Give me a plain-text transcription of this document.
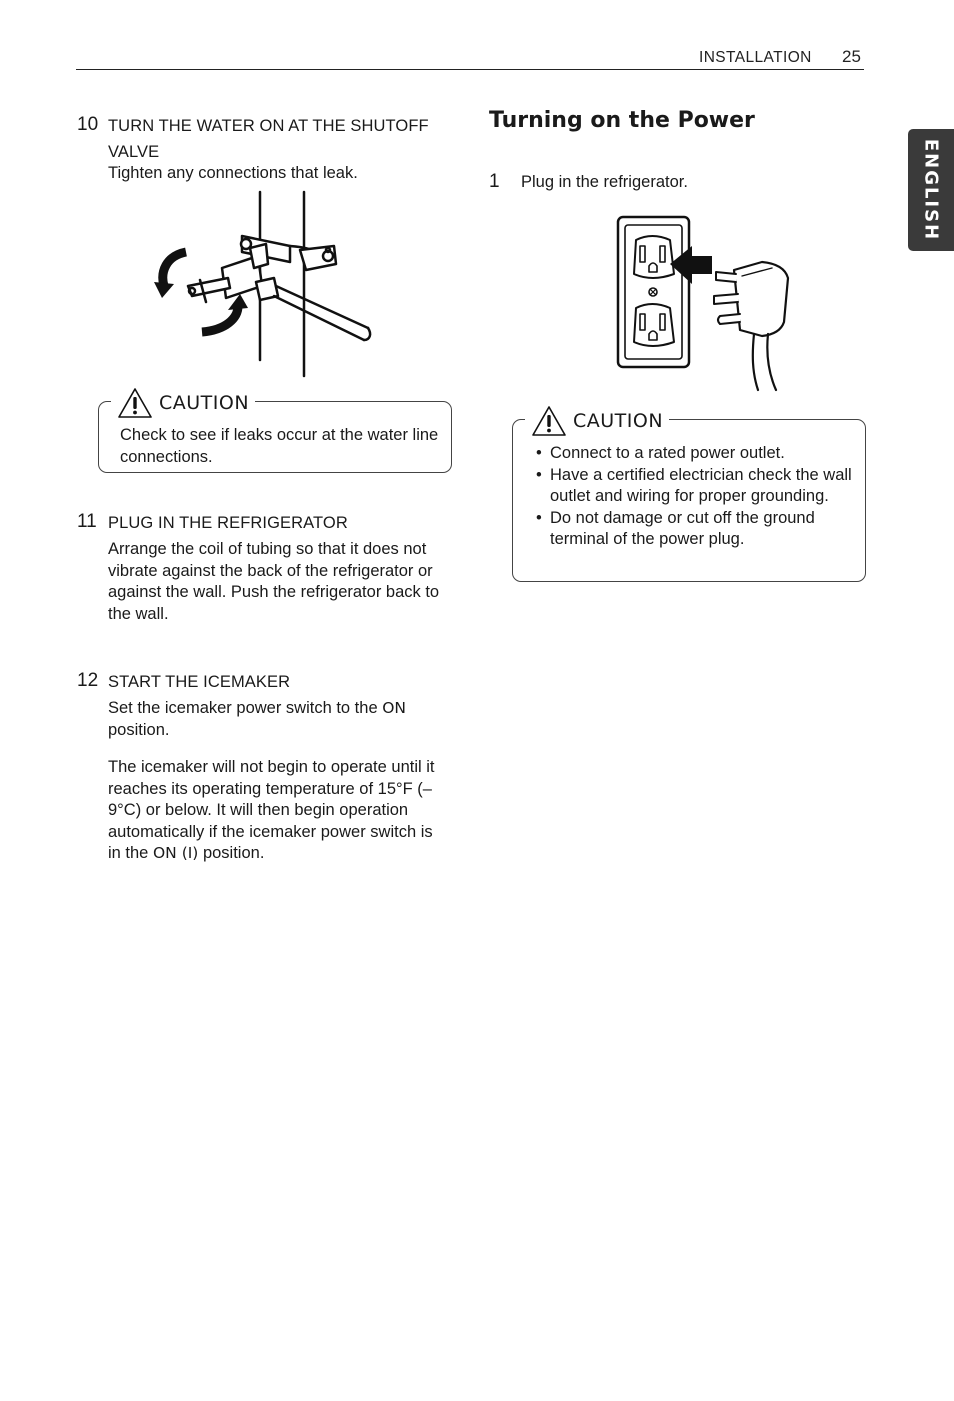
INSTALLATION 25
ENGLISH
10 TURN THE WATER ON AT THE SHUTOFF
VALVE
Tighten any connections that leak.
Check to see if leaks occur at the water line connections.
CAUTION
11 PLUG IN THE REFRIGERATOR
Arrange the coil of tubing so that it does not vibrate against the back of the refrigerator or against the wall. Push the refrigerator back to the wall.
12 START THE ICEMAKER
Set the icemaker power switch to the ON position.
The icemaker will not begin to operate until it reaches its operating temperature of 15°F (–9°C) or below. It will then begin operation automatically if the icemaker power switch is in the ON (I) position.
Turning on the Power
1 Plug in the refrigerator.
• Connect to a rated power outlet.
• Have a certified electrician check the wall outlet and wiring for proper grounding.
• Do not damage or cut off the ground terminal of the power plug.
CAUTION
